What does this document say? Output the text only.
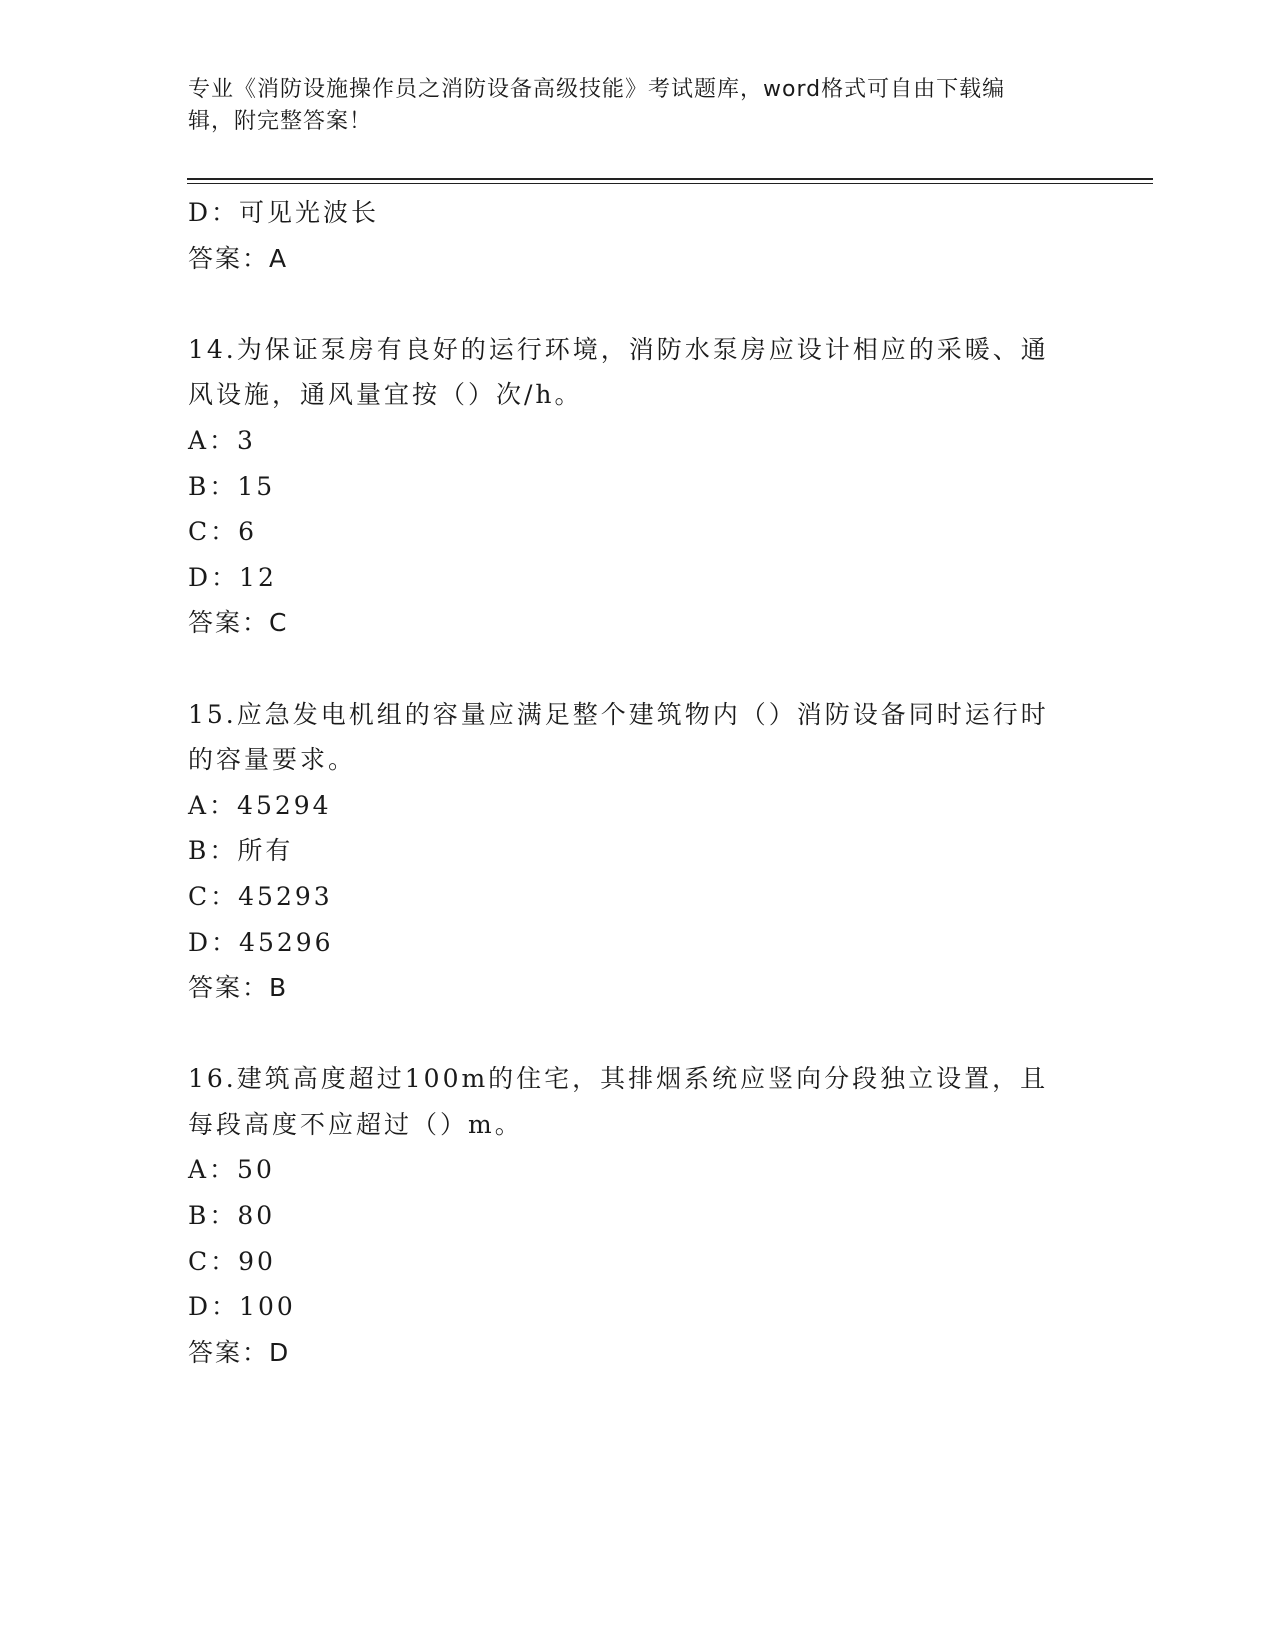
专业《消防设施操作员之消防设备高级技能》考试题库，word格式可自由下载编
辑，附完整答案！
D：可见光波长
答案：A
14.为保证泵房有良好的运行环境，消防水泵房应设计相应的采暖、通
风设施，通风量宜按（）次/h。
A：3
B：15
C：6
D：12
答案：C
15.应急发电机组的容量应满足整个建筑物内（）消防设备同时运行时
的容量要求。
A：45294
B：所有
C：45293
D：45296
答案：B
16.建筑高度超过100m的住宅，其排烟系统应竖向分段独立设置，且
每段高度不应超过（）m。
A：50
B：80
C：90
D：100
答案：D
